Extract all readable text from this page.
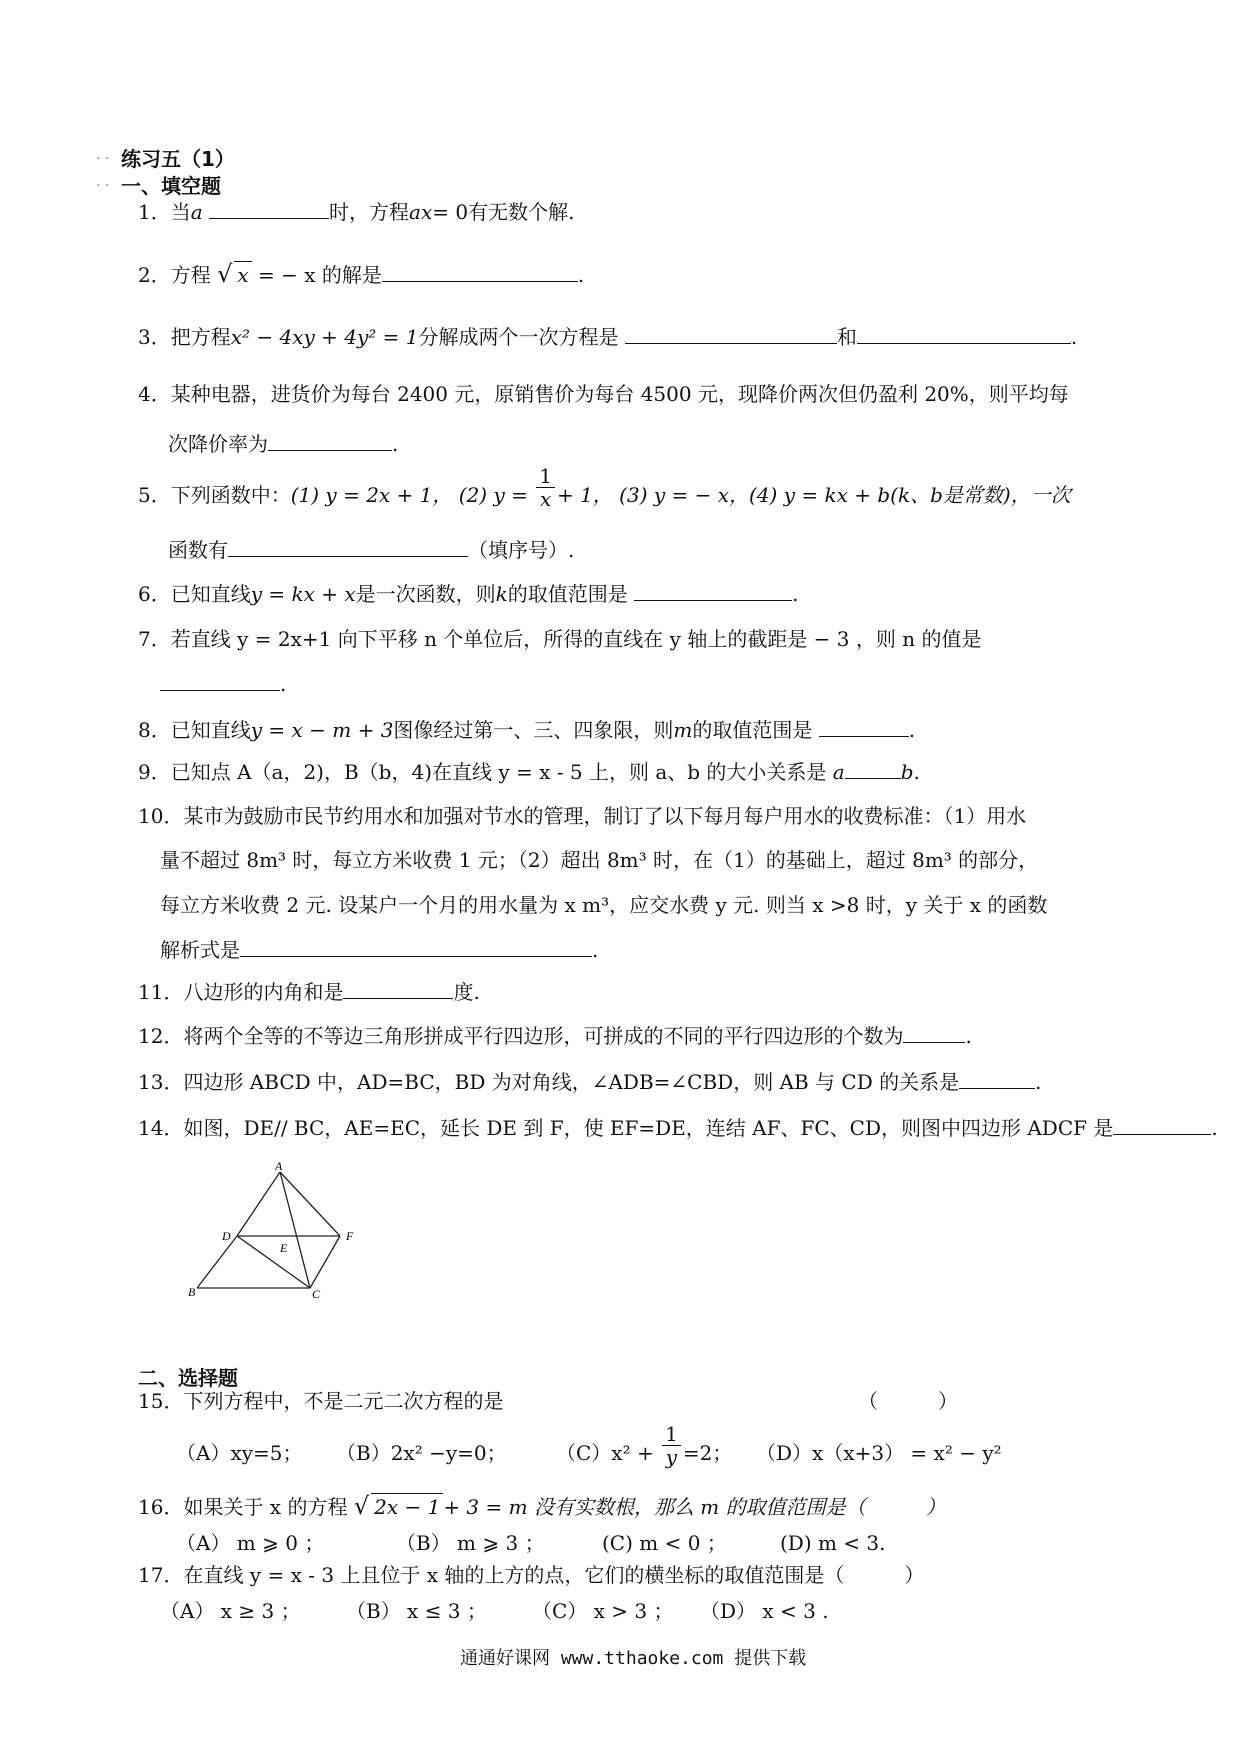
. . 练习五（1）
. . 一、填空题
1．当a	时，方程ax= 0有无数个解.
2．方程 √ x = − x 的解是	.
3．把方程x² − 4xy + 4y² = 1分解成两个一次方程是	和	.
4．某种电器，进货价为每台 2400 元，原销售价为每台 4500 元，现降价两次但仍盈利 20%，则平均每
次降价率为	.
5．下列函数中：(1) y = 2x + 1， (2) $y = \frac{1}{x} + 1$， (3) y = − x，(4) y = kx + b(k、b是常数)，一次
函数有	（填序号）.
6．已知直线y = kx + x是一次函数，则k的取值范围是	.
7．若直线 y = 2x+1 向下平移 n 个单位后，所得的直线在 y 轴上的截距是 − 3 ，则 n 的值是
.
8．已知直线y = x − m + 3图像经过第一、三、四象限，则m的取值范围是	.
9．已知点 A（a，2)，B（b，4)在直线 y = x - 5 上，则 a、b 的大小关系是 a	b.
10．某市为鼓励市民节约用水和加强对节水的管理，制订了以下每月每户用水的收费标准：（1）用水
量不超过 8m³ 时，每立方米收费 1 元；（2）超出 8m³ 时，在（1）的基础上，超过 8m³ 的部分，
每立方米收费 2 元. 设某户一个月的用水量为 x m³，应交水费 y 元. 则当 x >8 时，y 关于 x 的函数
解析式是	.
11．八边形的内角和是	度.
12．将两个全等的不等边三角形拼成平行四边形，可拼成的不同的平行四边形的个数为	.
13．四边形 ABCD 中，AD=BC，BD 为对角线，∠ADB=∠CBD，则 AB 与 CD 的关系是	.
14．如图，DE// BC，AE=EC，延长 DE 到 F，使 EF=DE，连结 AF、FC、CD，则图中四边形 ADCF 是	.
A
B	C
D
E
F
二、选择题
15．下列方程中，不是二元二次方程的是	（　　　）
（A）xy=5； （B）2x² −y=0； $(C)x^2 + \frac{1}{y} =2$； （D）x（x+3） = x² − y²
16．如果关于 x 的方程 √ 2x − 1 + 3 = m 没有实数根，那么 m 的取值范围是（　　　）
（A） m ⩾ 0 ；	（B） m ⩾ 3 ；	(C) m < 0 ；	(D) m < 3.
17．在直线 y = x - 3 上且位于 x 轴的上方的点，它们的横坐标的取值范围是（　　　）
（A） x ≥ 3 ； （B） x ≤ 3 ； （C） x > 3 ； （D） x < 3 .
通通好课网 www.tthaoke.com 提供下载
